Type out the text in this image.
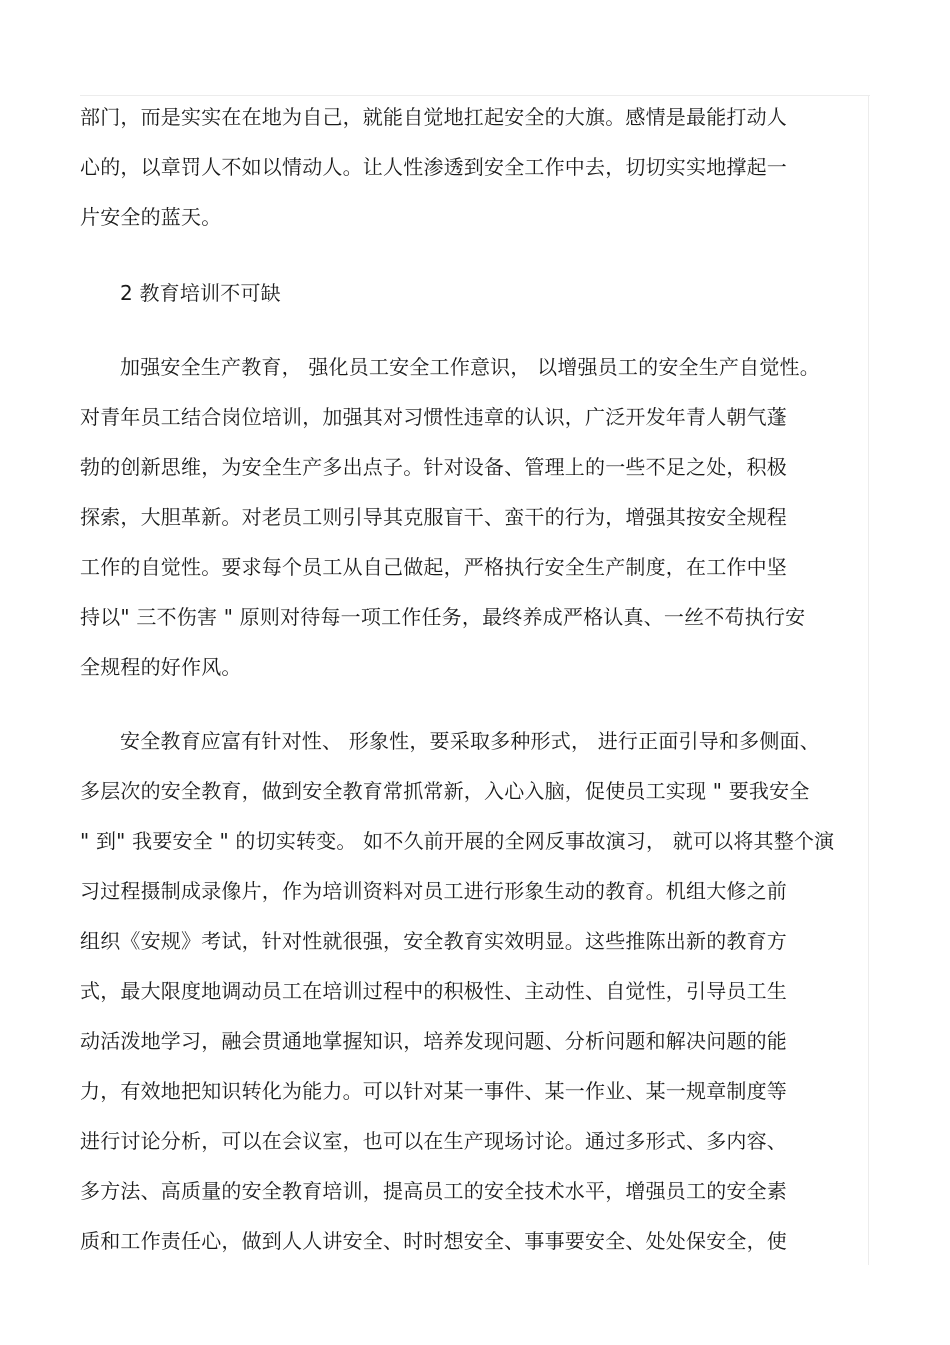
部门，而是实实在在地为自己，就能自觉地扛起安全的大旗。感情是最能打动人
心的，以章罚人不如以情动人。让人性渗透到安全工作中去，切切实实地撑起一
片安全的蓝天。
2 教育培训不可缺
加强安全生产教育， 强化员工安全工作意识， 以增强员工的安全生产自觉性。
对青年员工结合岗位培训，加强其对习惯性违章的认识，广泛开发年青人朝气蓬
勃的创新思维，为安全生产多出点子。针对设备、管理上的一些不足之处，积极
探索，大胆革新。对老员工则引导其克服盲干、蛮干的行为，增强其按安全规程
工作的自觉性。要求每个员工从自己做起，严格执行安全生产制度，在工作中坚
持以" 三不伤害 " 原则对待每一项工作任务，最终养成严格认真、一丝不苟执行安
全规程的好作风。
安全教育应富有针对性、 形象性，要采取多种形式， 进行正面引导和多侧面、
多层次的安全教育，做到安全教育常抓常新，入心入脑，促使员工实现 " 要我安全
" 到" 我要安全 " 的切实转变。 如不久前开展的全网反事故演习， 就可以将其整个演
习过程摄制成录像片，作为培训资料对员工进行形象生动的教育。机组大修之前
组织《安规》考试，针对性就很强，安全教育实效明显。这些推陈出新的教育方
式，最大限度地调动员工在培训过程中的积极性、主动性、自觉性，引导员工生
动活泼地学习，融会贯通地掌握知识，培养发现问题、分析问题和解决问题的能
力，有效地把知识转化为能力。可以针对某一事件、某一作业、某一规章制度等
进行讨论分析，可以在会议室，也可以在生产现场讨论。通过多形式、多内容、
多方法、高质量的安全教育培训，提高员工的安全技术水平，增强员工的安全素
质和工作责任心，做到人人讲安全、时时想安全、事事要安全、处处保安全，使
